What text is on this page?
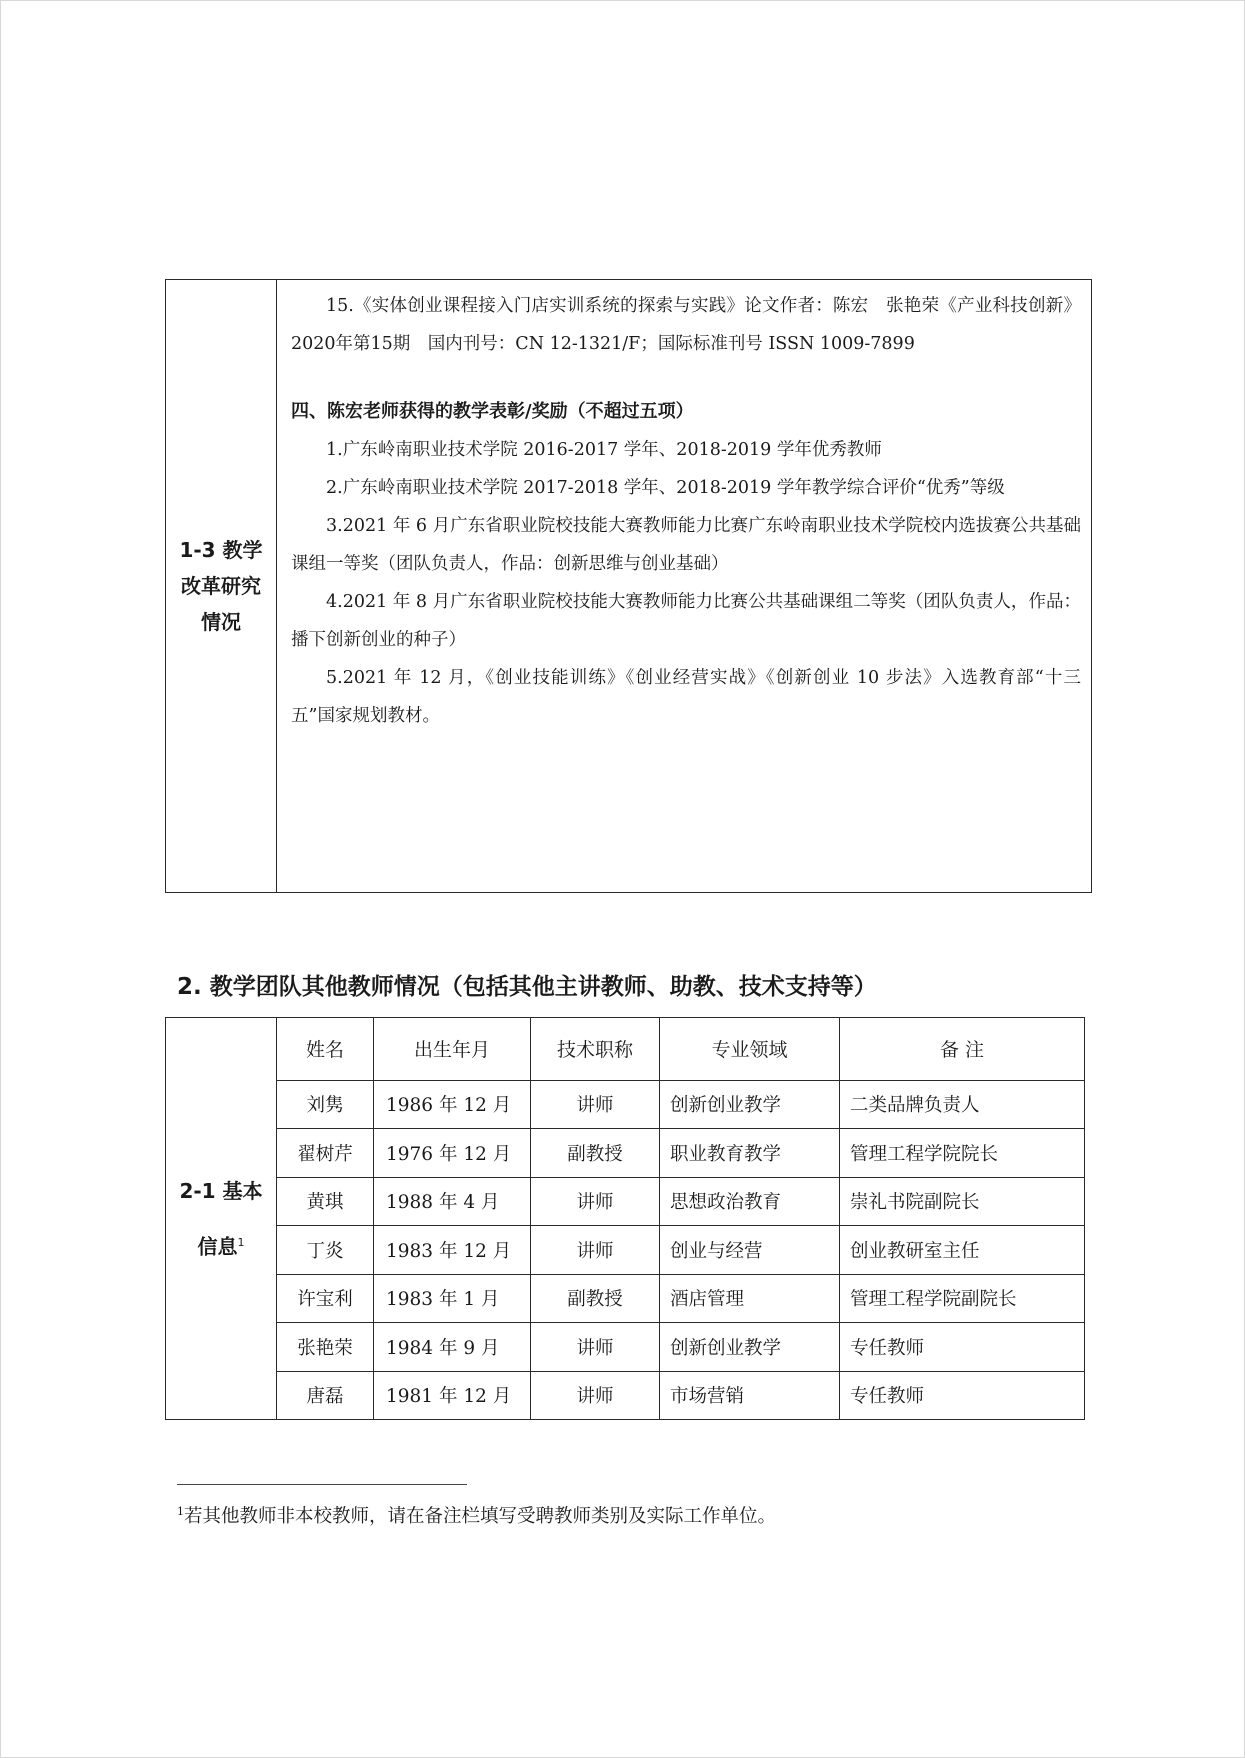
1-3 教学改革研究情况

15.《实体创业课程接入门店实训系统的探索与实践》论文作者：陈宏　张艳荣《产业科技创新》2020年第15期　国内刊号：CN 12-1321/F；国际标准刊号 ISSN 1009-7899

四、陈宏老师获得的教学表彰/奖励（不超过五项）

1.广东岭南职业技术学院 2016-2017 学年、2018-2019 学年优秀教师

2.广东岭南职业技术学院 2017-2018 学年、2018-2019 学年教学综合评价“优秀”等级

3.2021 年 6 月广东省职业院校技能大赛教师能力比赛广东岭南职业技术学院校内选拔赛公共基础课组一等奖（团队负责人，作品：创新思维与创业基础）

4.2021 年 8 月广东省职业院校技能大赛教师能力比赛公共基础课组二等奖（团队负责人，作品：播下创新创业的种子）

5.2021 年 12 月，《创业技能训练》《创业经营实战》《创新创业 10 步法》入选教育部“十三五”国家规划教材。

2. 教学团队其他教师情况（包括其他主讲教师、助教、技术支持等）
2-1 基本信息$^1$
姓名	出生年月	技术职称	专业领域	备 注
刘隽	1986 年 12 月	讲师	创新创业教学	二类品牌负责人
翟树芹	1976 年 12 月	副教授	职业教育教学	管理工程学院院长
黄琪	1988 年 4 月	讲师	思想政治教育	崇礼书院副院长
丁炎	1983 年 12 月	讲师	创业与经营	创业教研室主任
许宝利	1983 年 1 月	副教授	酒店管理	管理工程学院副院长
张艳荣	1984 年 9 月	讲师	创新创业教学	专任教师
唐磊	1981 年 12 月	讲师	市场营销	专任教师

$^1$若其他教师非本校教师，请在备注栏填写受聘教师类别及实际工作单位。
